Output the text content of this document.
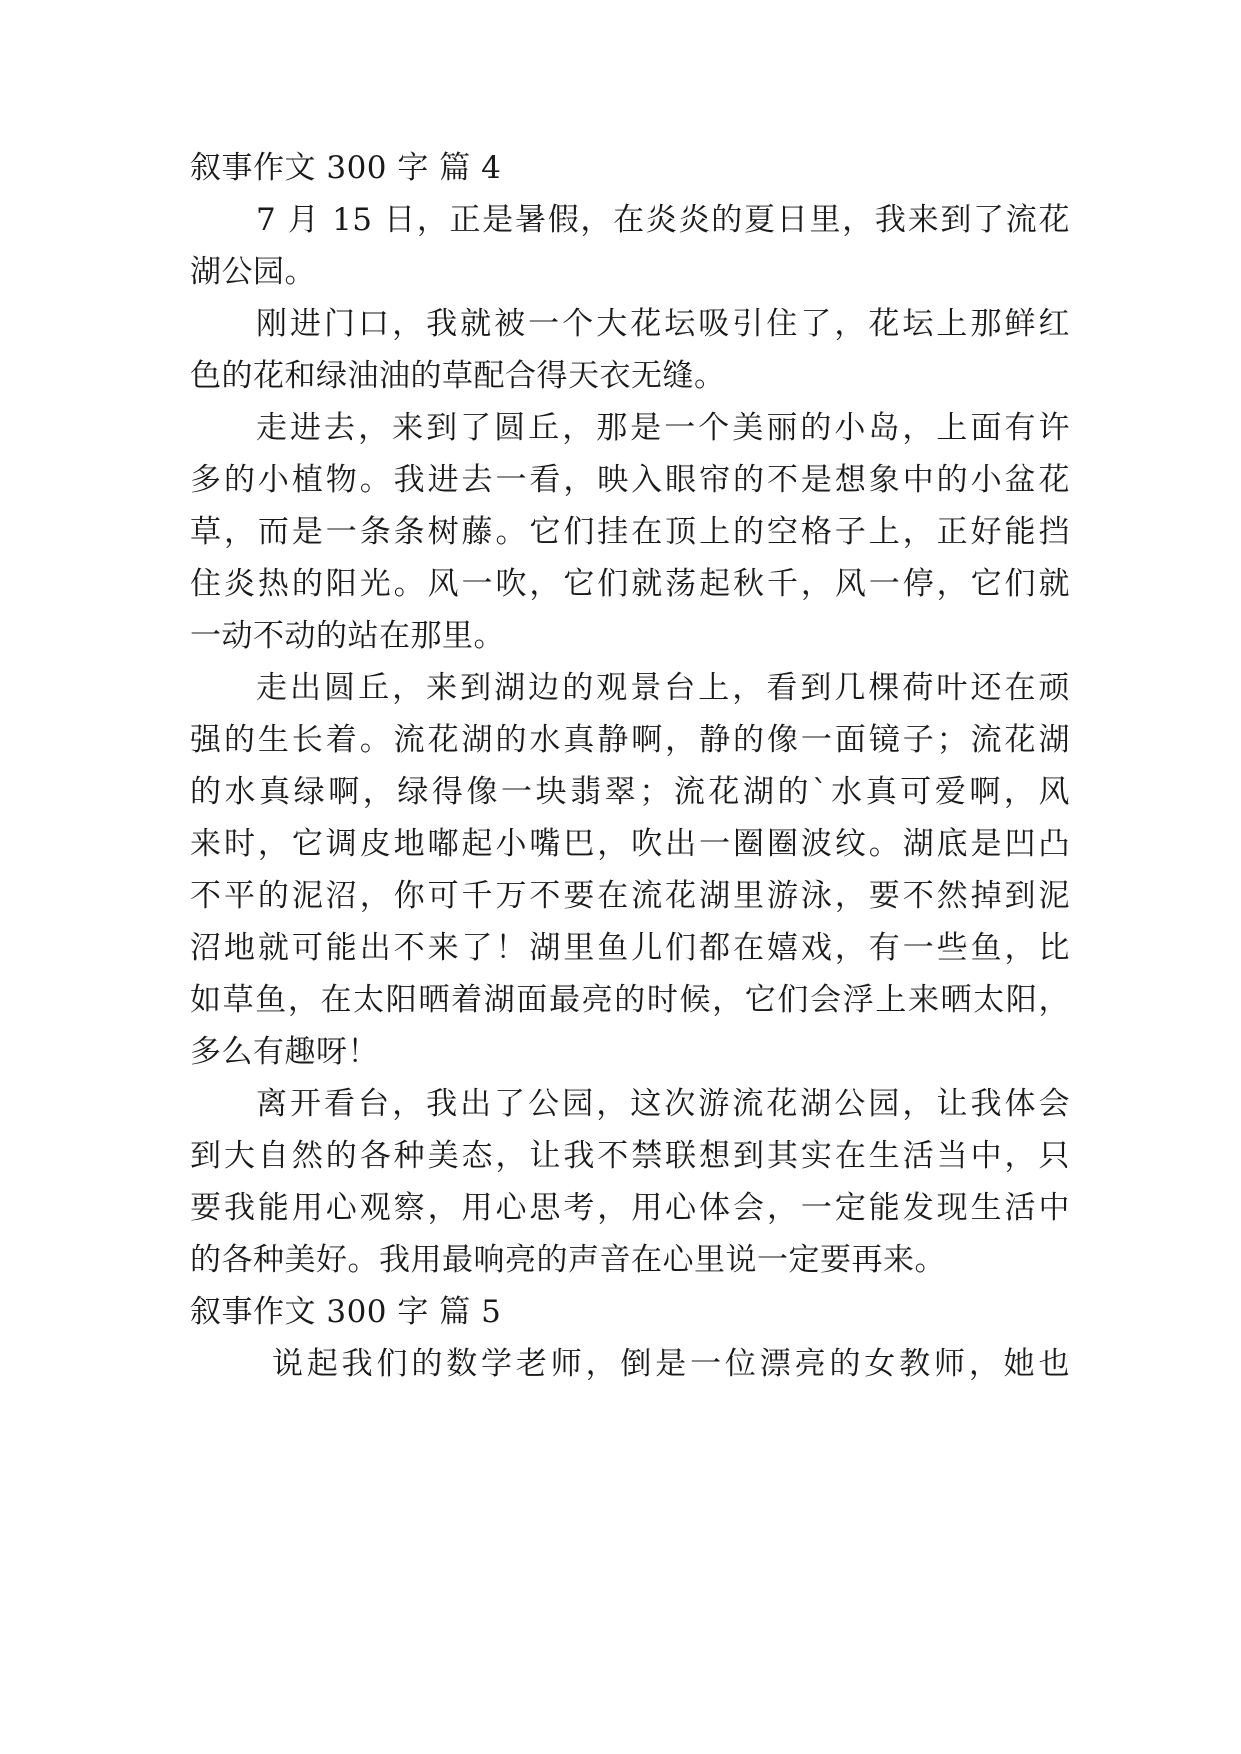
叙事作文 300 字 篇 4
7 月 15 日，正是暑假，在炎炎的夏日里，我来到了流花
湖公园。
刚进门口，我就被一个大花坛吸引住了，花坛上那鲜红
色的花和绿油油的草配合得天衣无缝。
走进去，来到了圆丘，那是一个美丽的小岛，上面有许
多的小植物。我进去一看，映入眼帘的不是想象中的小盆花
草，而是一条条树藤。它们挂在顶上的空格子上，正好能挡
住炎热的阳光。风一吹，它们就荡起秋千，风一停，它们就
一动不动的站在那里。
走出圆丘，来到湖边的观景台上，看到几棵荷叶还在顽
强的生长着。流花湖的水真静啊，静的像一面镜子；流花湖
的水真绿啊，绿得像一块翡翠；流花湖的`水真可爱啊，风
来时，它调皮地嘟起小嘴巴，吹出一圈圈波纹。湖底是凹凸
不平的泥沼，你可千万不要在流花湖里游泳，要不然掉到泥
沼地就可能出不来了！湖里鱼儿们都在嬉戏，有一些鱼，比
如草鱼，在太阳晒着湖面最亮的时候，它们会浮上来晒太阳，
多么有趣呀！
离开看台，我出了公园，这次游流花湖公园，让我体会
到大自然的各种美态，让我不禁联想到其实在生活当中，只
要我能用心观察，用心思考，用心体会，一定能发现生活中
的各种美好。我用最响亮的声音在心里说一定要再来。
叙事作文 300 字 篇 5
说起我们的数学老师，倒是一位漂亮的女教师，她也
